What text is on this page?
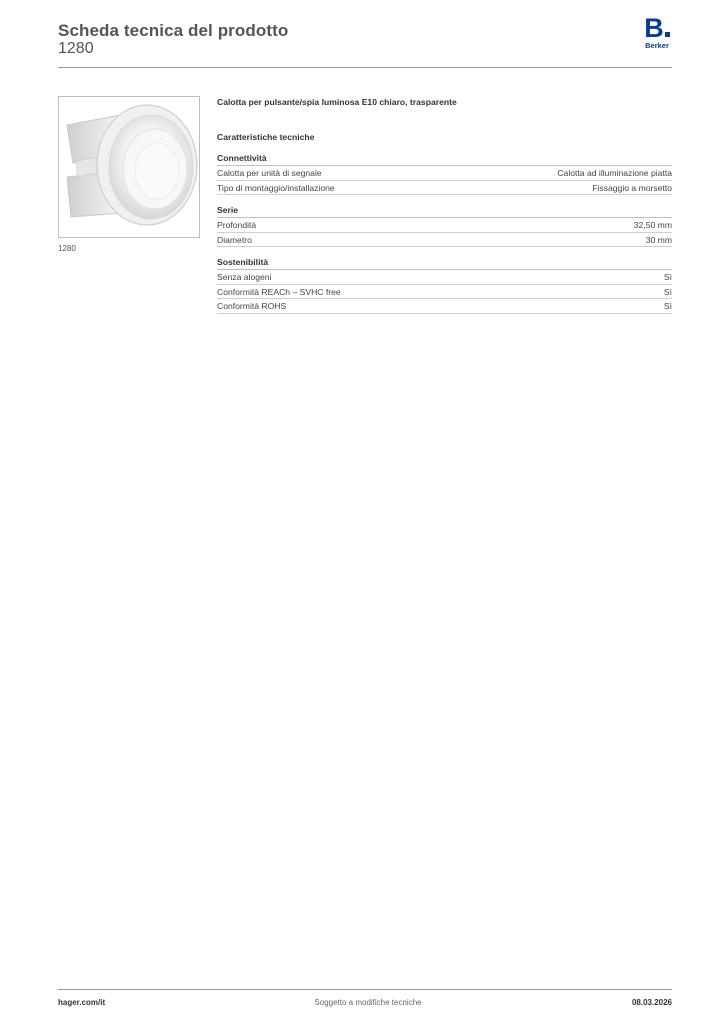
Scheda tecnica del prodotto
1280
B
Berker
1280
Calotta per pulsante/spia luminosa E10 chiaro, trasparente
Caratteristiche tecniche
Connettività
Calotta per unità di segnale	Calotta ad illuminazione piatta
Tipo di montaggio/installazione	Fissaggio a morsetto
Serie
Profondità	32,50 mm
Diametro	30 mm
Sostenibilità
Senza alogeni	Sì
Conformità REACh – SVHC free	Sì
Conformità ROHS	Sì
hager.com/it	Soggetto a modifiche tecniche	08.03.2026
